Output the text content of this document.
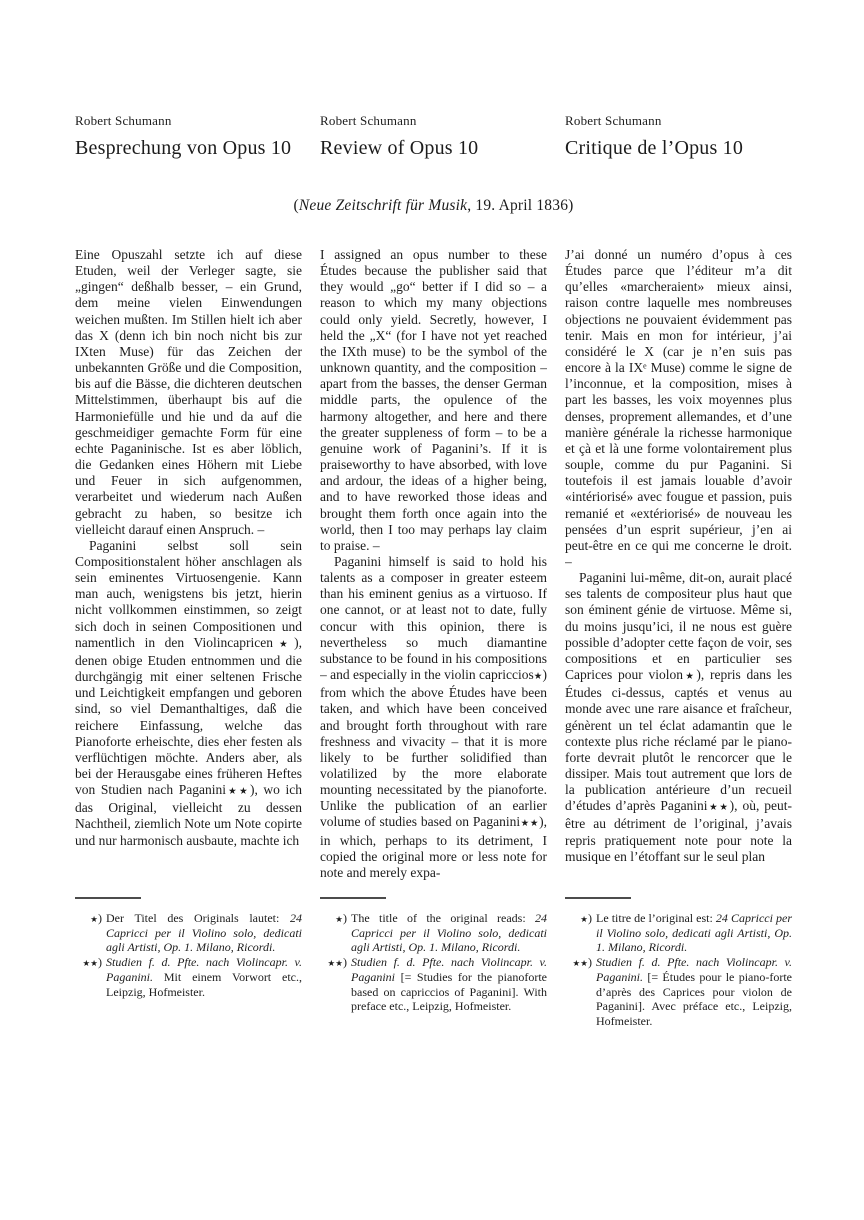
Robert Schumann	Robert Schumann	Robert Schumann
Besprechung von Opus 10	Review of Opus 10	Critique de l’Opus 10
(Neue Zeitschrift für Musik, 19. April 1836)

Eine Opuszahl setzte ich auf diese Etuden, weil der Verleger sagte, sie „gingen“ deßhalb besser, – ein Grund, dem meine vielen Einwendungen weichen mußten. Im Stillen hielt ich aber das X (denn ich bin noch nicht bis zur IXten Muse) für das Zeichen der unbekannten Größe und die Composition, bis auf die Bässe, die dichteren deutschen Mittelstimmen, überhaupt bis auf die Harmoniefülle und hie und da auf die geschmeidiger gemachte Form für eine echte Paganinische. Ist es aber löblich, die Gedanken eines Höhern mit Liebe und Feuer in sich aufgenommen, verarbeitet und wiederum nach Außen gebracht zu haben, so besitze ich vielleicht darauf einen Anspruch. –

Paganini selbst soll sein Compositionstalent höher anschlagen als sein eminentes Virtuosengenie. Kann man auch, wenigstens bis jetzt, hierin nicht vollkommen einstimmen, so zeigt sich doch in seinen Compositionen und namentlich in den Violincapricen★), denen obige Etuden entnommen und die durchgängig mit einer seltenen Frische und Leichtigkeit empfangen und geboren sind, so viel Demanthaltiges, daß die reichere Einfassung, welche das Pianoforte erheischte, dies eher festen als verflüchtigen möchte. Anders aber, als bei der Herausgabe eines früheren Heftes von Studien nach Paganini★★), wo ich das Original, vielleicht zu dessen Nachtheil, ziemlich Note um Note copirte und nur harmonisch ausbaute, machte ich

I assigned an opus number to these Études because the publisher said that they would „go“ better if I did so – a reason to which my many objections could only yield. Secretly, however, I held the „X“ (for I have not yet reached the IXth muse) to be the symbol of the unknown quantity, and the composition – apart from the basses, the denser German middle parts, the opulence of the harmony altogether, and here and there the greater suppleness of form – to be a genuine work of Paganini’s. If it is praiseworthy to have absorbed, with love and ardour, the ideas of a higher being, and to have reworked those ideas and brought them forth once again into the world, then I too may perhaps lay claim to praise. –

Paganini himself is said to hold his talents as a composer in greater esteem than his eminent genius as a virtuoso. If one cannot, or at least not to date, fully concur with this opinion, there is nevertheless so much diamantine substance to be found in his compositions – and especially in the violin capriccios★) from which the above Études have been taken, and which have been conceived and brought forth throughout with rare freshness and vivacity – that it is more likely to be further solidified than volatilized by the more elaborate mounting necessitated by the pianoforte. Unlike the publication of an earlier volume of studies based on Paganini★★), in which, perhaps to its detriment, I copied the original more or less note for note and merely expa-

J’ai donné un numéro d’opus à ces Études parce que l’éditeur m’a dit qu’elles «marcheraient» mieux ainsi, raison contre laquelle mes nombreuses objections ne pouvaient évidemment pas tenir. Mais en mon for intérieur, j’ai considéré le X (car je n’en suis pas encore à la IXᵉ Muse) comme le signe de l’inconnue, et la composition, mises à part les basses, les voix moyennes plus denses, proprement allemandes, et d’une manière générale la richesse harmonique et çà et là une forme volontairement plus souple, comme du pur Paganini. Si toutefois il est jamais louable d’avoir «intériorisé» avec fougue et passion, puis remanié et «extériorisé» de nouveau les pensées d’un esprit supérieur, j’en ai peut-être en ce qui me concerne le droit. –

Paganini lui-même, dit-on, aurait placé ses talents de compositeur plus haut que son éminent génie de virtuose. Même si, du moins jusqu’ici, il ne nous est guère possible d’adopter cette façon de voir, ses compositions et en particulier ses Caprices pour violon★), repris dans les Études ci-dessus, captés et venus au monde avec une rare aisance et fraîcheur, génèrent un tel éclat adamantin que le contexte plus riche réclamé par le piano-forte devrait plutôt le rencorcer que le dissiper. Mais tout autrement que lors de la publication antérieure d’un recueil d’études d’après Paganini★★), où, peut-être au détriment de l’original, j’avais repris pratiquement note pour note la musique en l’étoffant sur le seul plan

★) Der Titel des Originals lautet: 24 Capricci per il Violino solo, dedicati agli Artisti, Op. 1. Milano, Ricordi.
★★) Studien f. d. Pfte. nach Violincapr. v. Paganini. Mit einem Vorwort etc., Leipzig, Hofmeister.
★) The title of the original reads: 24 Capricci per il Violino solo, dedicati agli Artisti, Op. 1. Milano, Ricordi.
★★) Studien f. d. Pfte. nach Violincapr. v. Paganini [= Studies for the pianoforte based on capriccios of Paganini]. With preface etc., Leipzig, Hofmeister.
★) Le titre de l’original est: 24 Capricci per il Violino solo, dedicati agli Artisti, Op. 1. Milano, Ricordi.
★★) Studien f. d. Pfte. nach Violincapr. v. Paganini. [= Études pour le piano-forte d’après des Caprices pour violon de Paganini]. Avec préface etc., Leipzig, Hofmeister.
